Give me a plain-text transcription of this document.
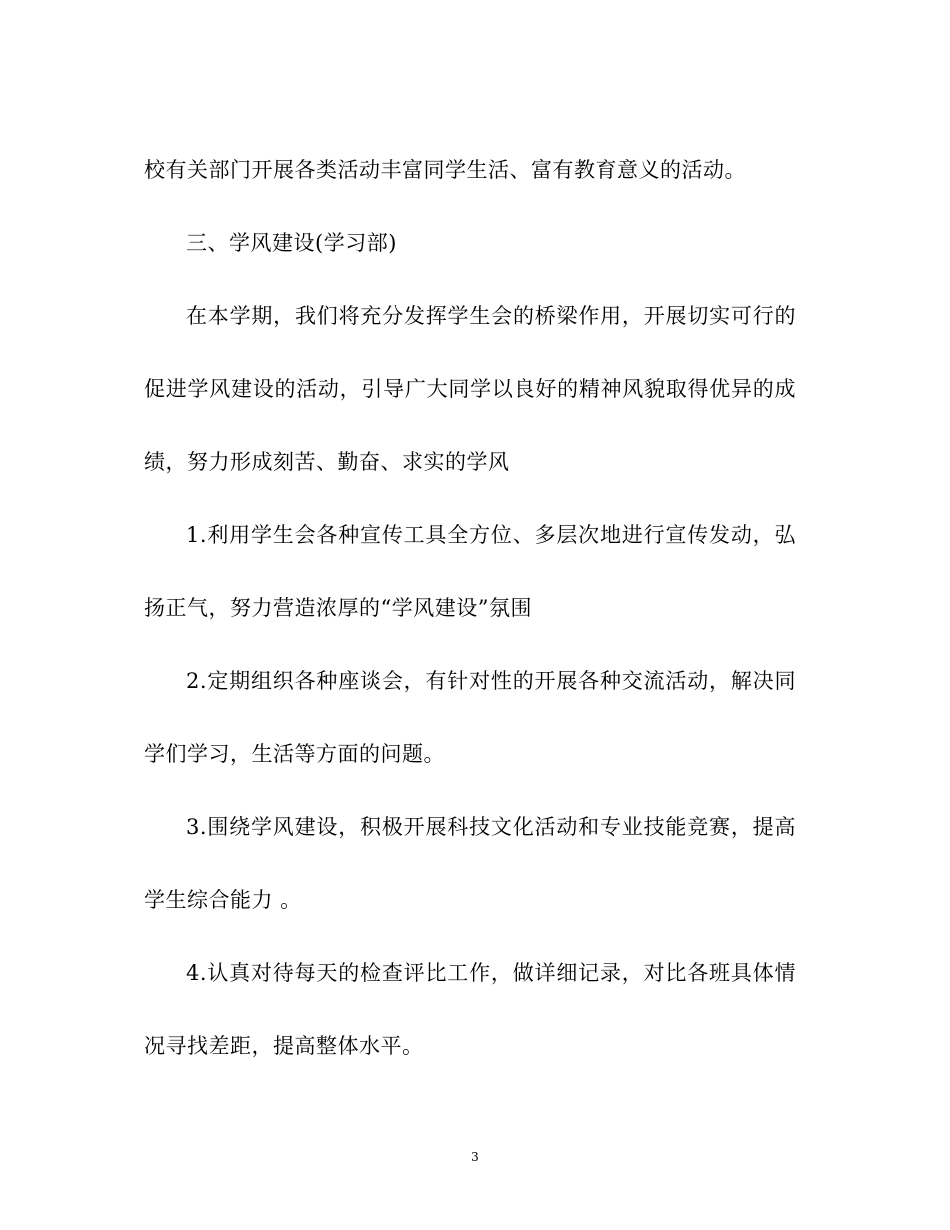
校有关部门开展各类活动丰富同学生活、富有教育意义的活动。

三、学风建设(学习部)

在本学期，我们将充分发挥学生会的桥梁作用，开展切实可行的促进学风建设的活动，引导广大同学以良好的精神风貌取得优异的成绩，努力形成刻苦、勤奋、求实的学风

1.利用学生会各种宣传工具全方位、多层次地进行宣传发动，弘扬正气，努力营造浓厚的“学风建设”氛围

2.定期组织各种座谈会，有针对性的开展各种交流活动，解决同学们学习，生活等方面的问题。

3.围绕学风建设，积极开展科技文化活动和专业技能竞赛，提高学生综合能力 。

4.认真对待每天的检查评比工作，做详细记录，对比各班具体情况寻找差距，提高整体水平。

3
